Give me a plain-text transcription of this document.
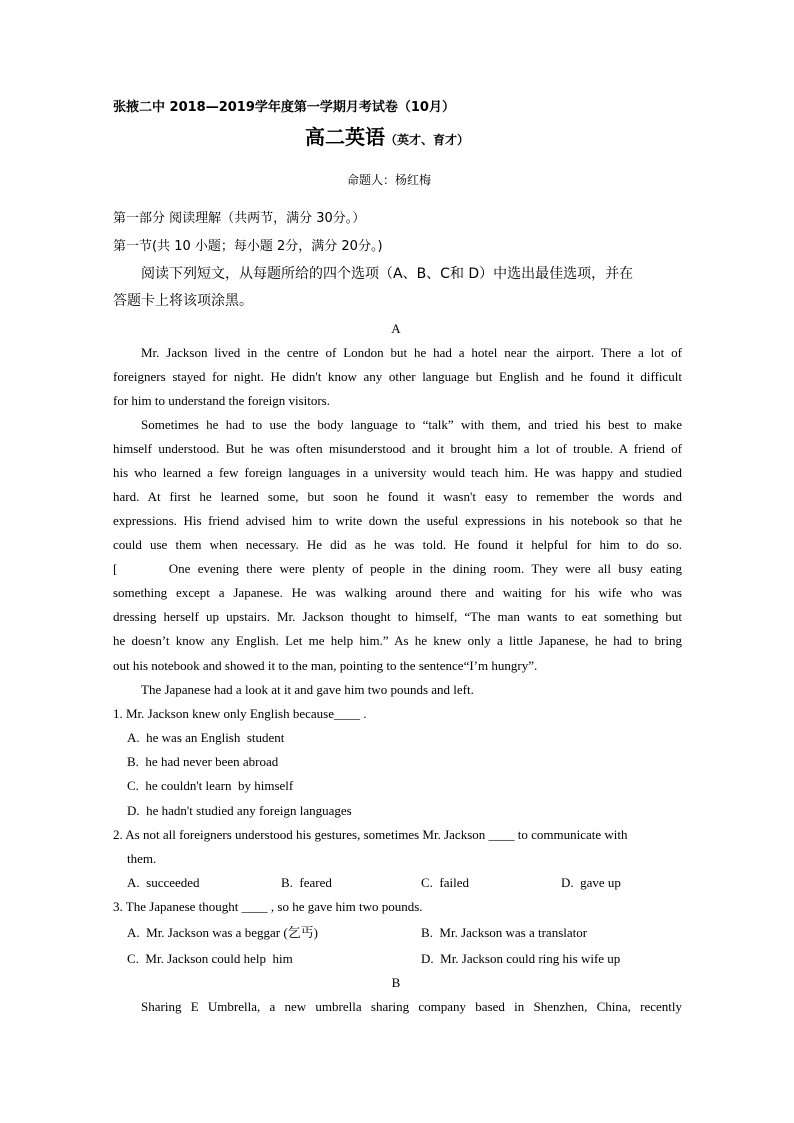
张掖二中 2018—2019学年度第一学期月考试卷（10月）
高二英语（英才、育才）
命题人：杨红梅
第一部分 阅读理解（共两节，满分 30分。）
第一节(共 10 小题；每小题 2分，满分 20分。)
阅读下列短文，从每题所给的四个选项（A、B、C和 D）中选出最佳选项，并在
答题卡上将该项涂黑。
A
Mr. Jackson lived in the centre of London but he had a hotel near the airport. There a lot of
foreigners stayed for night. He didn't know any other language but English and he found it difficult
for him to understand the foreign visitors.
Sometimes he had to use the body language to “talk” with them, and tried his best to make
himself understood. But he was often misunderstood and it brought him a lot of trouble. A friend of
his who learned a few foreign languages in a university would teach him. He was happy and studied
hard. At first he learned some, but soon he found it wasn't easy to remember the words and
expressions. His friend advised him to write down the useful expressions in his notebook so that he
could use them when necessary. He did as he was told. He found it helpful for him to do so.
[       One evening there were plenty of people in the dining room. They were all busy eating
something except a Japanese. He was walking around there and waiting for his wife who was
dressing herself up upstairs. Mr. Jackson thought to himself, “The man wants to eat something but
he doesn’t know any English. Let me help him.” As he knew only a little Japanese, he had to bring
out his notebook and showed it to the man, pointing to the sentence“I’m hungry”.
The Japanese had a look at it and gave him two pounds and left.
1. Mr. Jackson knew only English because____ .
A.  he was an English  student
B.  he had never been abroad
C.  he couldn't learn  by himself
D.  he hadn't studied any foreign languages
2. As not all foreigners understood his gestures, sometimes Mr. Jackson ____ to communicate with
them.
A.  succeeded	B.  feared	C.  failed	D.  gave up
3. The Japanese thought ____ , so he gave him two pounds.
A.  Mr. Jackson was a beggar (乞丐)	B.  Mr. Jackson was a translator
C.  Mr. Jackson could help  him	D.  Mr. Jackson could ring his wife up
B
Sharing E Umbrella, a new umbrella sharing company based in Shenzhen, China, recently
